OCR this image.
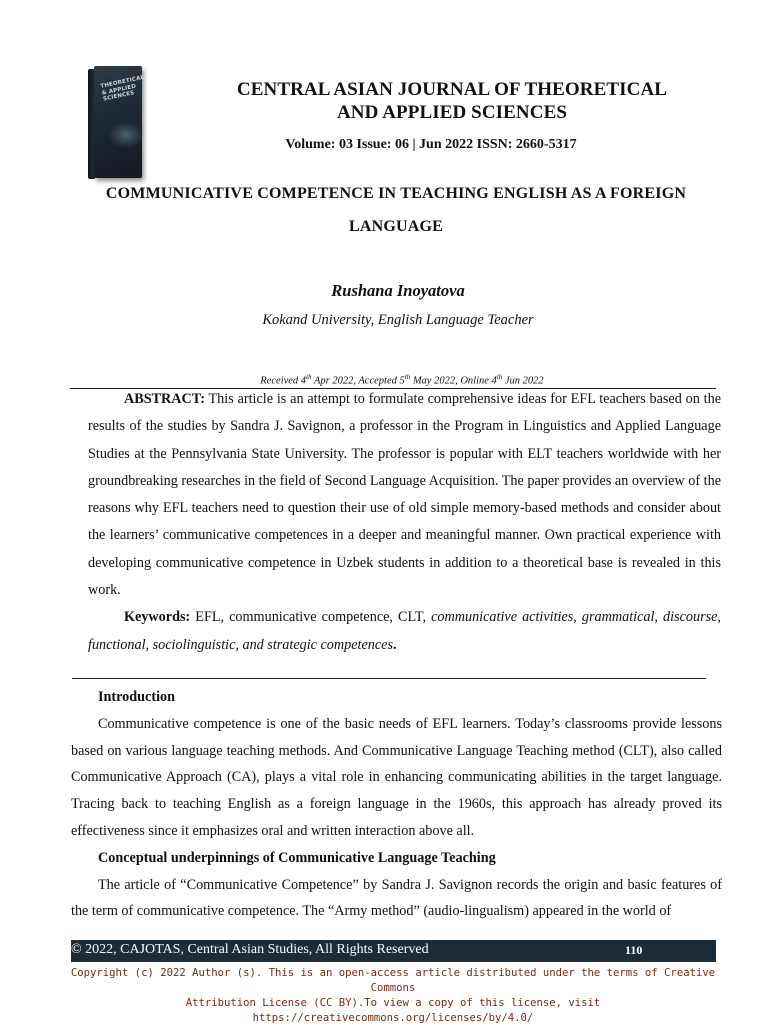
THEORETICAL & APPLIED SCIENCES	CENTRAL ASIAN JOURNAL OF THEORETICAL
AND APPLIED SCIENCES
Volume: 03 Issue: 06 | Jun 2022 ISSN: 2660-5317
COMMUNICATIVE COMPETENCE IN TEACHING ENGLISH AS A FOREIGN
LANGUAGE
Rushana Inoyatova
Kokand University, English Language Teacher
Received 4th Apr 2022, Accepted 5th May 2022, Online 4th Jun 2022

ABSTRACT: This article is an attempt to formulate comprehensive ideas for EFL teachers based on the results of the studies by Sandra J. Savignon, a professor in the Program in Linguistics and Applied Language Studies at the Pennsylvania State University. The professor is popular with ELT teachers worldwide with her groundbreaking researches in the field of Second Language Acquisition. The paper provides an overview of the reasons why EFL teachers need to question their use of old simple memory-based methods and consider about the learners’ communicative competences in a deeper and meaningful manner. Own practical experience with developing communicative competence in Uzbek students in addition to a theoretical base is revealed in this work.

Keywords: EFL, communicative competence, CLT, communicative activities, grammatical, discourse, functional, sociolinguistic, and strategic competences.

Introduction

Communicative competence is one of the basic needs of EFL learners. Today’s classrooms provide lessons based on various language teaching methods. And Communicative Language Teaching method (CLT), also called Communicative Approach (CA), plays a vital role in enhancing communicating abilities in the target language. Tracing back to teaching English as a foreign language in the 1960s, this approach has already proved its effectiveness since it emphasizes oral and written interaction above all.

Conceptual underpinnings of Communicative Language Teaching

The article of “Communicative Competence” by Sandra J. Savignon records the origin and basic features of the term of communicative competence. The “Army method” (audio-lingualism) appeared in the world of

© 2022, CAJOTAS, Central Asian Studies, All Rights Reserved	110
Copyright (c) 2022 Author (s). This is an open-access article distributed under the terms of Creative Commons
Attribution License (CC BY).To view a copy of this license, visit https://creativecommons.org/licenses/by/4.0/
